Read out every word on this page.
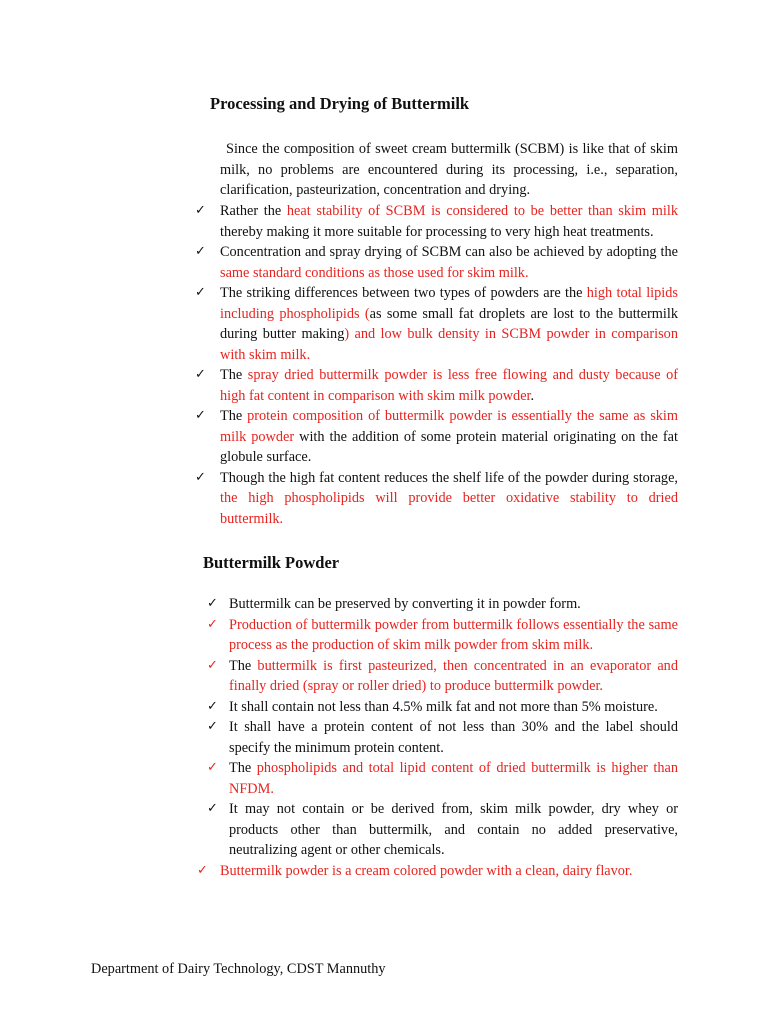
Processing and Drying of Buttermilk

Since the composition of sweet cream buttermilk (SCBM) is like that of skim milk, no problems are encountered during its processing, i.e., separation, clarification, pasteurization, concentration and drying.

✓ Rather the heat stability of SCBM is considered to be better than skim milk thereby making it more suitable for processing to very high heat treatments.
✓ Concentration and spray drying of SCBM can also be achieved by adopting the same standard conditions as those used for skim milk.
✓ The striking differences between two types of powders are the high total lipids including phospholipids (as some small fat droplets are lost to the buttermilk during butter making) and low bulk density in SCBM powder in comparison with skim milk.
✓ The spray dried buttermilk powder is less free flowing and dusty because of high fat content in comparison with skim milk powder.
✓ The protein composition of buttermilk powder is essentially the same as skim milk powder with the addition of some protein material originating on the fat globule surface.
✓ Though the high fat content reduces the shelf life of the powder during storage, the high phospholipids will provide better oxidative stability to dried buttermilk.
Buttermilk Powder
✓ Buttermilk can be preserved by converting it in powder form.
✓ Production of buttermilk powder from buttermilk follows essentially the same process as the production of skim milk powder from skim milk.
✓ The buttermilk is first pasteurized, then concentrated in an evaporator and finally dried (spray or roller dried) to produce buttermilk powder.
✓ It shall contain not less than 4.5% milk fat and not more than 5% moisture.
✓ It shall have a protein content of not less than 30% and the label should specify the minimum protein content.
✓ The phospholipids and total lipid content of dried buttermilk is higher than NFDM.
✓ It may not contain or be derived from, skim milk powder, dry whey or products other than buttermilk, and contain no added preservative, neutralizing agent or other chemicals.
✓ Buttermilk powder is a cream colored powder with a clean, dairy flavor.

Department of Dairy Technology, CDST Mannuthy
